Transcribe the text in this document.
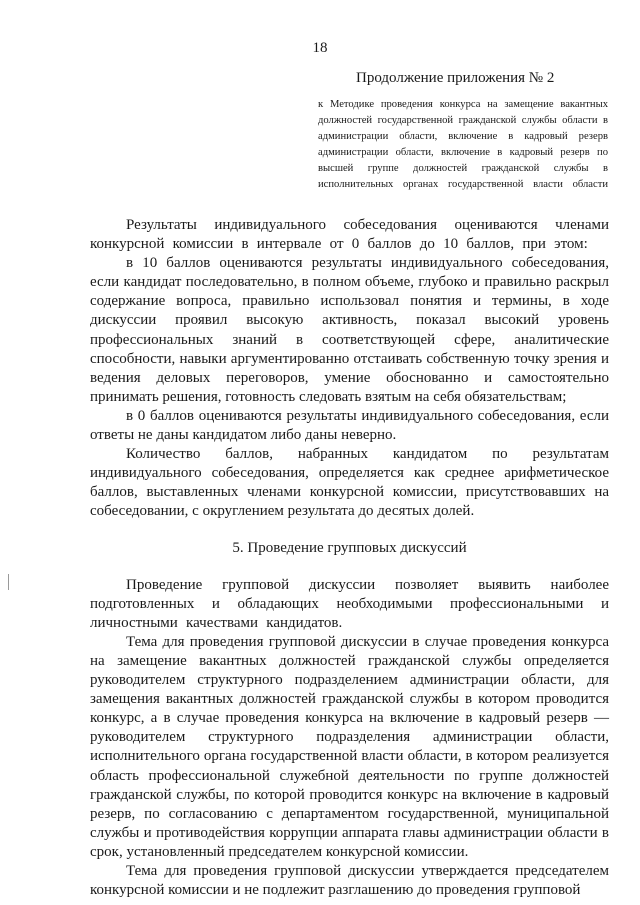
18
Продолжение приложения № 2
к Методике проведения конкурса на замещение вакантных должностей государственной гражданской службы области в администрации области, включение в кадровый резерв администрации области, включение в кадровый резерв по высшей группе должностей гражданской службы в исполнительных органах государственной власти области

Результаты индивидуального собеседования оцениваются членами конкурсной комиссии в интервале от 0 баллов до 10 баллов, при этом:

в 10 баллов оцениваются результаты индивидуального собеседования, если кандидат последовательно, в полном объеме, глубоко и правильно раскрыл содержание вопроса, правильно использовал понятия и термины, в ходе дискуссии проявил высокую активность, показал высокий уровень профессиональных знаний в соответствующей сфере, аналитические способности, навыки аргументированно отстаивать собственную точку зрения и ведения деловых переговоров, умение обоснованно и самостоятельно принимать решения, готовность следовать взятым на себя обязательствам;

в 0 баллов оцениваются результаты индивидуального собеседования, если ответы не даны кандидатом либо даны неверно.

Количество баллов, набранных кандидатом по результатам индивидуального собеседования, определяется как среднее арифметическое баллов, выставленных членами конкурсной комиссии, присутствовавших на собеседовании, с округлением результата до десятых долей.

5. Проведение групповых дискуссий

Проведение групповой дискуссии позволяет выявить наиболее подготовленных и обладающих необходимыми профессиональными и личностными качествами кандидатов.

Тема для проведения групповой дискуссии в случае проведения конкурса на замещение вакантных должностей гражданской службы определяется руководителем структурного подразделением администрации области, для замещения вакантных должностей гражданской службы в котором проводится конкурс, а в случае проведения конкурса на включение в кадровый резерв — руководителем структурного подразделения администрации области, исполнительного органа государственной власти области, в котором реализуется область профессиональной служебной деятельности по группе должностей гражданской службы, по которой проводится конкурс на включение в кадровый резерв, по согласованию с департаментом государственной, муниципальной службы и противодействия коррупции аппарата главы администрации области в срок, установленный председателем конкурсной комиссии.

Тема для проведения групповой дискуссии утверждается председателем конкурсной комиссии и не подлежит разглашению до проведения групповой
